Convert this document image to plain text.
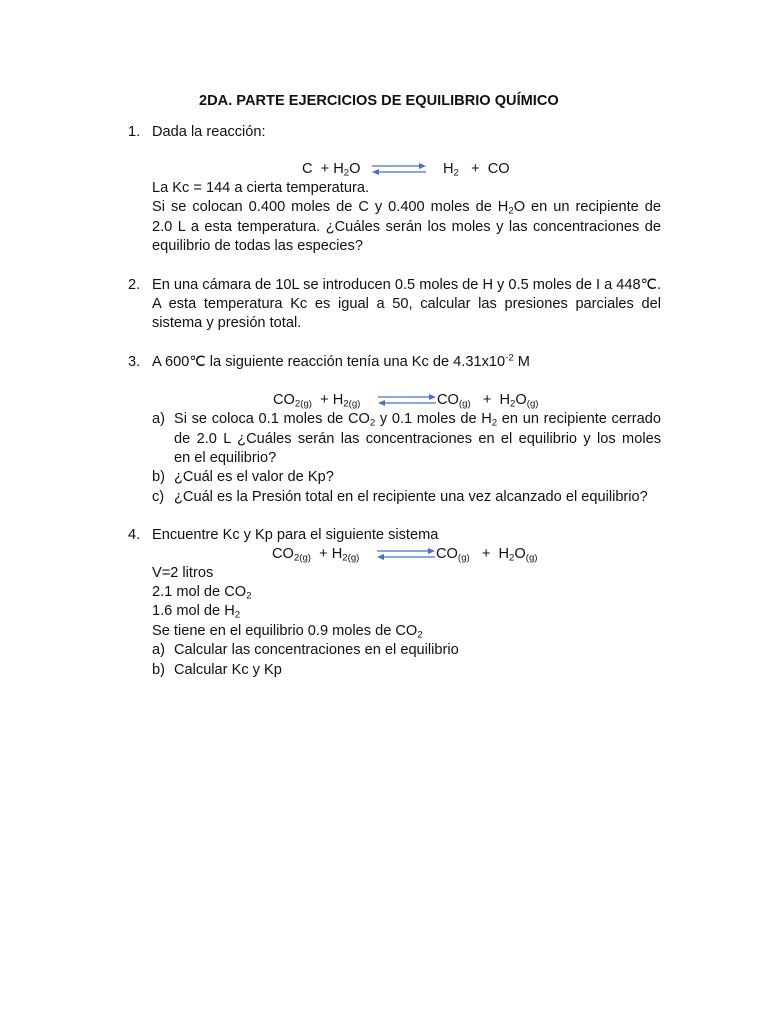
2DA. PARTE EJERCICIOS DE EQUILIBRIO QUÍMICO
1. Dada la reacción:
$C + H_2O$ ⇌ $H_2$ + CO
La Kc = 144 a cierta temperatura.
Si se colocan 0.400 moles de C y 0.400 moles de $H_2O$ en un recipiente de
2.0 L a esta temperatura. ¿Cuáles serán los moles y las concentraciones de
equilibrio de todas las especies?
2. En una cámara de 10L se introducen 0.5 moles de H y 0.5 moles de I a 448℃.
A esta temperatura Kc es igual a 50, calcular las presiones parciales del
sistema y presión total.
3. A 600℃ la siguiente reacción tenía una Kc de $4.31x10^{-2}$ M
$CO_{2(g)} + H_{2(g)}$	$CO_{(g)} + H_2O_{(g)}$
a) Si se coloca 0.1 moles de $CO_2$ y 0.1 moles de $H_2$ en un recipiente cerrado
de 2.0 L ¿Cuáles serán las concentraciones en el equilibrio y los moles
en el equilibrio?
b) ¿Cuál es el valor de Kp?
c) ¿Cuál es la Presión total en el recipiente una vez alcanzado el equilibrio?
4. Encuentre Kc y Kp para el siguiente sistema
$CO_{2(g)} + H_{2(g)}$	$CO_{(g)} + H_2O_{(g)}$
V=2 litros
2.1 mol de $CO_2$
1.6 mol de $H_2$
Se tiene en el equilibrio 0.9 moles de $CO_2$
a) Calcular las concentraciones en el equilibrio
b) Calcular Kc y Kp
